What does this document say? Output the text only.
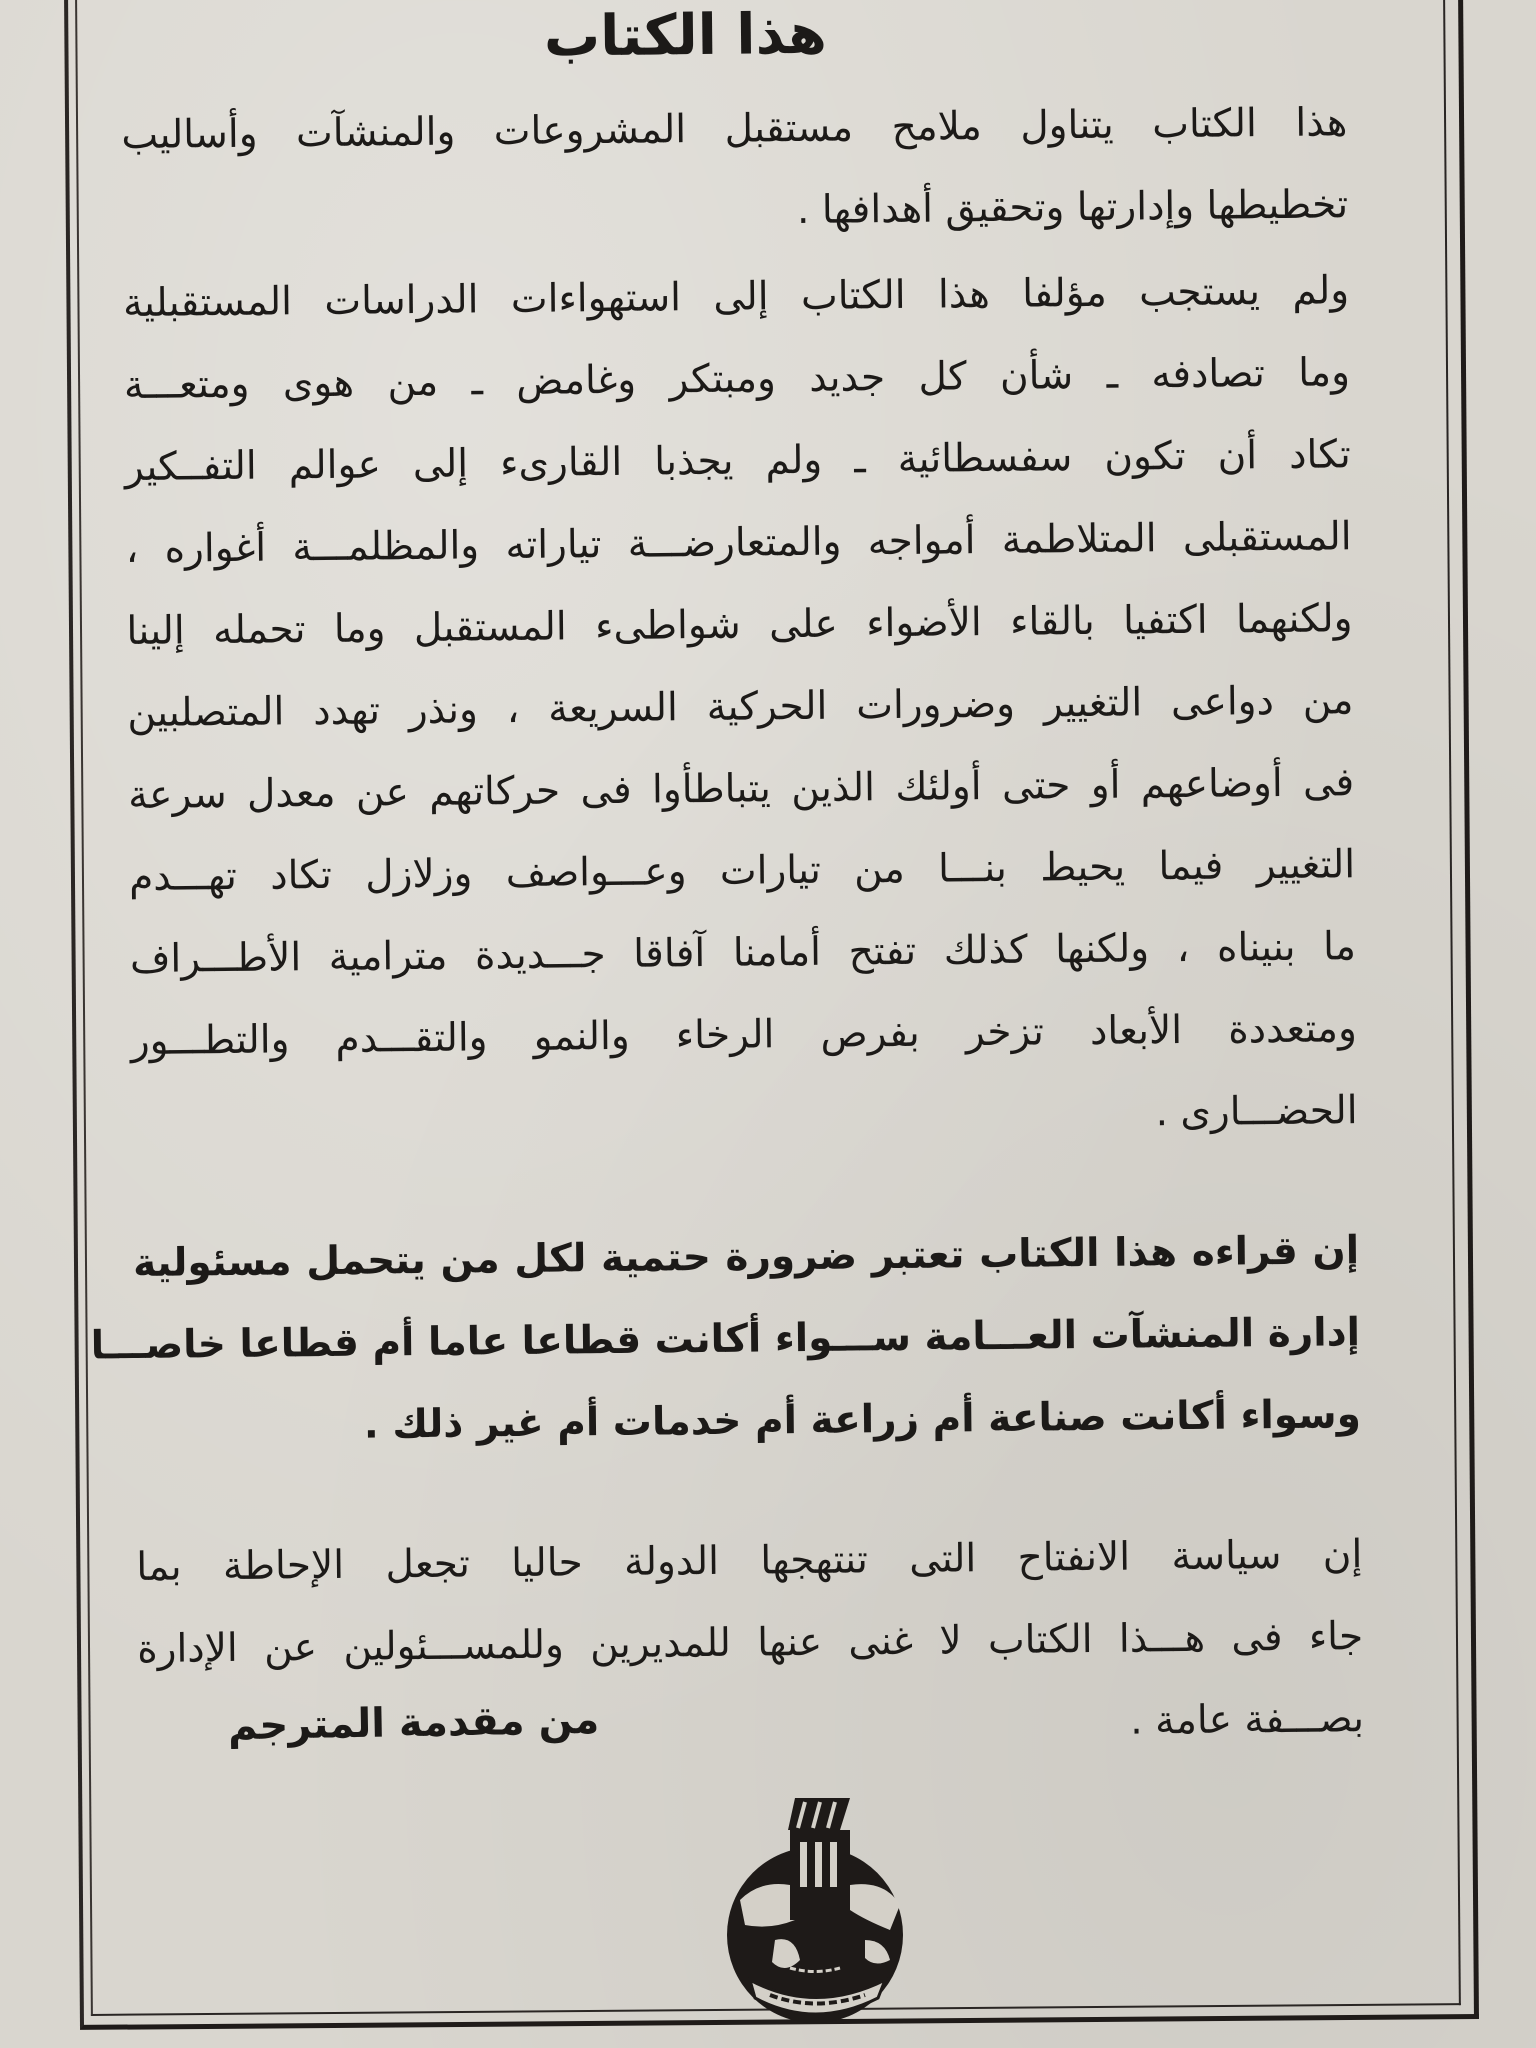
هذا الكتاب

هذا الكتاب يتناول ملامح مستقبل المشروعات والمنشآت وأساليب
تخطيطها وإدارتها وتحقيق أهدافها .

ولم يستجب مؤلفا هذا الكتاب إلى استهواءات الدراسات المستقبلية
وما تصادفه ـ شأن كل جديد ومبتكر وغامض ـ من هوى ومتعـــة
تكاد أن تكون سفسطائية ـ ولم يجذبا القارىء إلى عوالم التفــكير
المستقبلى المتلاطمة أمواجه والمتعارضـــة تياراته والمظلمـــة أغواره ،
ولكنهما اكتفيا بالقاء الأضواء على شواطىء المستقبل وما تحمله إلينا
من دواعى التغيير وضرورات الحركية السريعة ، ونذر تهدد المتصلبين
فى أوضاعهم أو حتى أولئك الذين يتباطأوا فى حركاتهم عن معدل سرعة
التغيير فيما يحيط بنـــا من تيارات وعـــواصف وزلازل تكاد تهـــدم
ما بنيناه ، ولكنها كذلك تفتح أمامنا آفاقا جـــديدة مترامية الأطـــراف
ومتعددة الأبعاد تزخر بفرص الرخاء والنمو والتقـــدم والتطـــور
الحضـــارى .

إن قراءه هذا الكتاب تعتبر ضرورة حتمية لكل من يتحمل مسئولية
إدارة المنشآت العـــامة ســـواء أكانت قطاعا عاما أم قطاعا خاصـــا
وسواء أكانت صناعة أم زراعة أم خدمات أم غير ذلك .

إن سياسة الانفتاح التى تنتهجها الدولة حاليا تجعل الإحاطة بما
جاء فى هـــذا الكتاب لا غنى عنها للمديرين وللمســـئولين عن الإدارة
بصـــفة عامة .

من مقدمة المترجم
